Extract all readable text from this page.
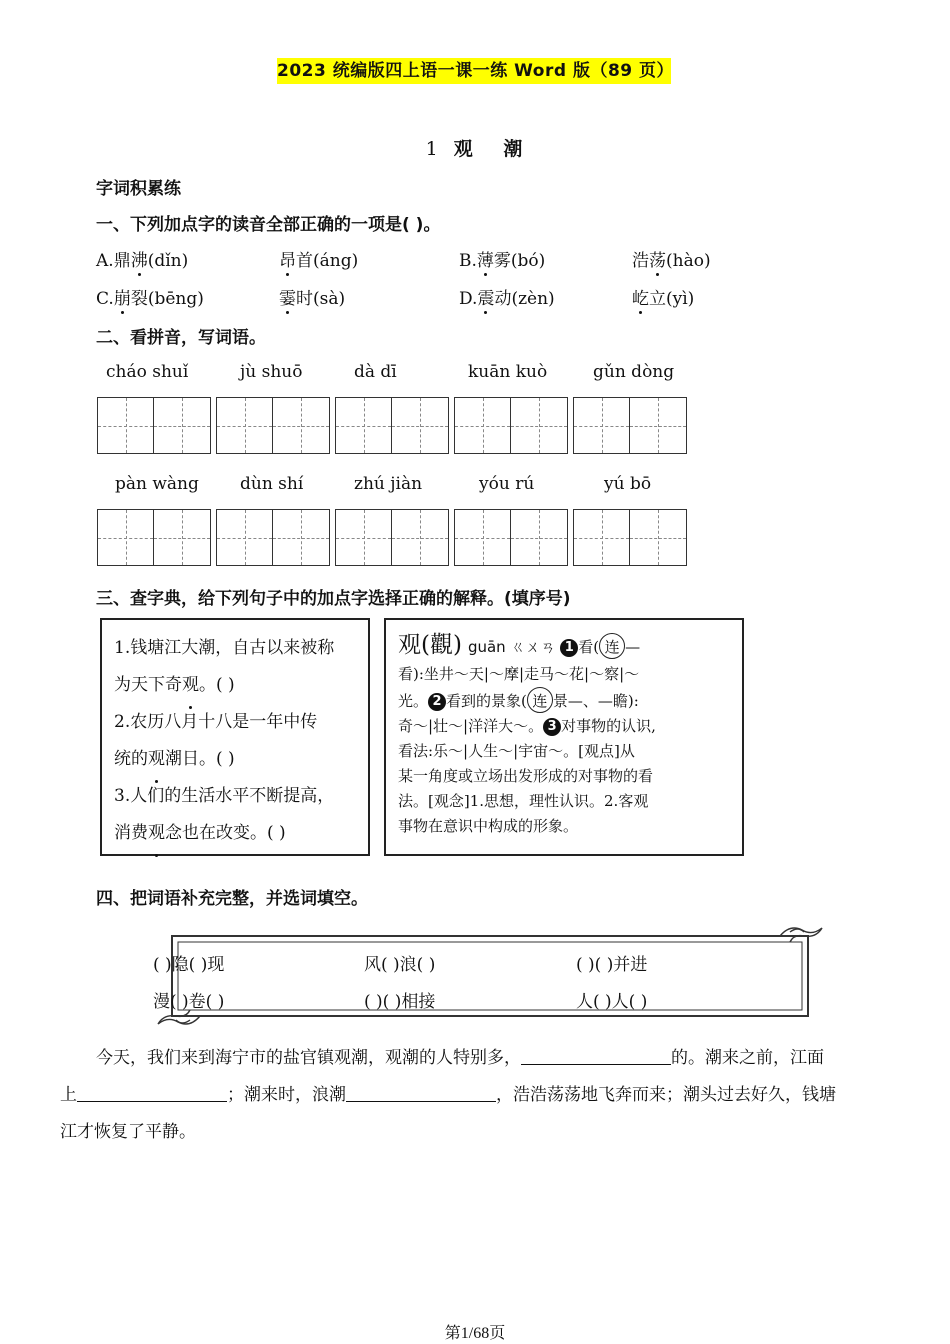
2023 统编版四上语一课一练 Word 版（89 页）
1 观 潮
字词积累练
一、下列加点字的读音全部正确的一项是( )。
A.鼎沸(dǐn)	昂首(áng)	B.薄雾(bó)	浩荡(hào)
C.崩裂(bēng)	霎时(sà)	D.震动(zèn)	屹立(yì)
二、看拼音，写词语。
cháo shuǐ	jù shuō	dà dī	kuān kuò	gǔn dòng
pàn wàng	dùn shí	zhú jiàn	yóu rú	yú bō
三、查字典，给下列句子中的加点字选择正确的解释。(填序号)
1.钱塘江大潮，自古以来被称
为天下奇观。( )
2.农历八月十八是一年中传
统的观潮日。( )
3.人们的生活水平不断提高，
消费观念也在改变。( )
观(觀) guān ㄍㄨㄢ 1 看( 连 —
看):坐井～天|～摩|走马～花|～察|～
光。 2 看到的景象( 连 景—、—瞻):
奇～|壮～|洋洋大～。 3 对事物的认识,
看法:乐～|人生～|宇宙～。[观点]从
某一角度或立场出发形成的对事物的看
法。[观念]1.思想，理性认识。2.客观
事物在意识中构成的形象。
四、把词语补充完整，并选词填空。
( )隐( )现	风( )浪( )	( )( )并进
漫( )卷( )	( )( )相接	人( )人( )
今天，我们来到海宁市的盐官镇观潮，观潮的人特别多，	的。潮来之前，江面
上	；潮来时，浪潮	，浩浩荡荡地飞奔而来；潮头过去好久，钱塘
江才恢复了平静。
第1/68页
